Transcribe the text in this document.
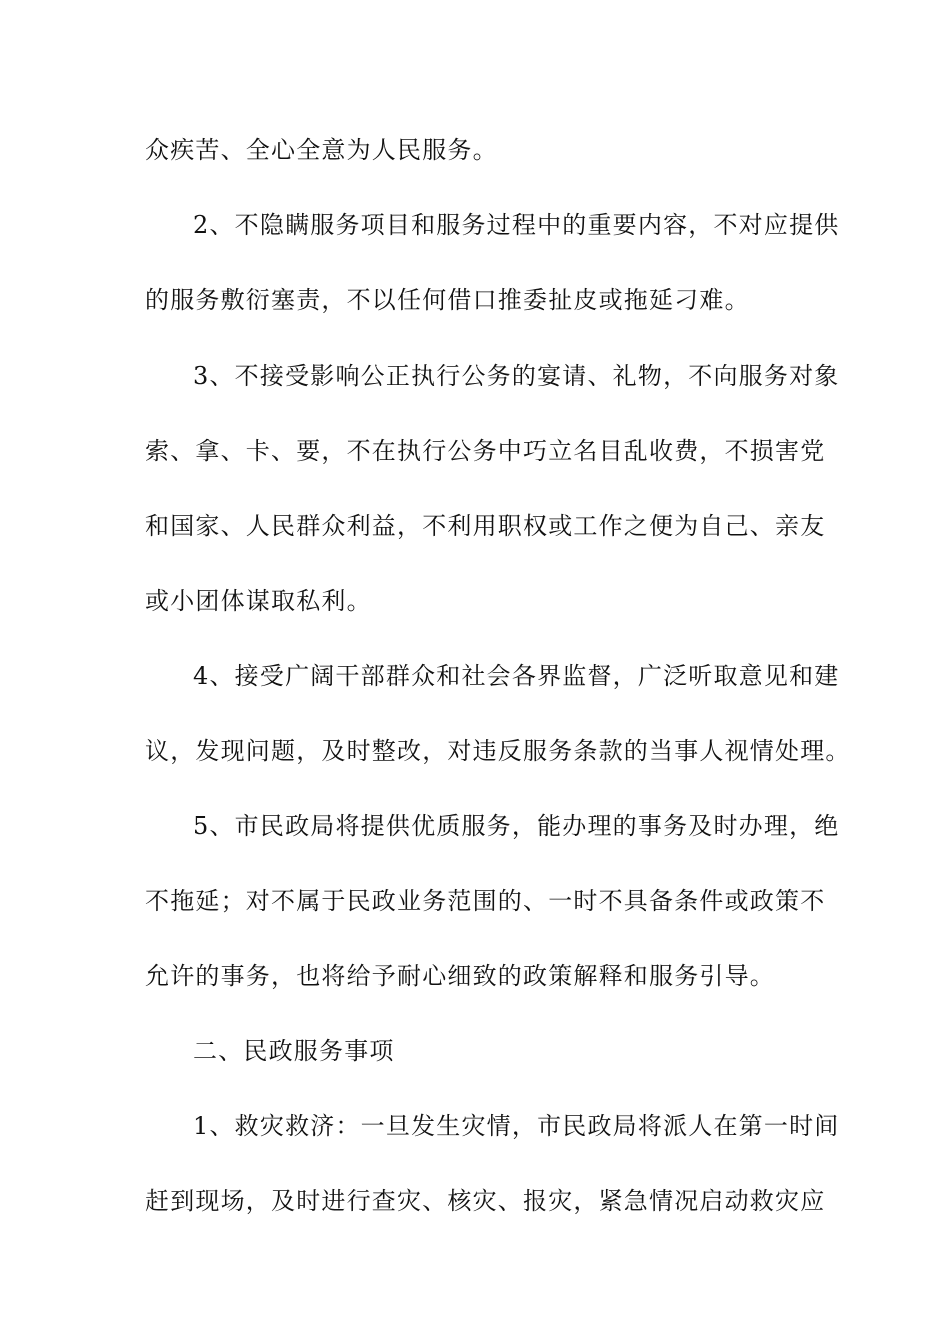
众疾苦、全心全意为人民服务。
2、不隐瞒服务项目和服务过程中的重要内容，不对应提供
的服务敷衍塞责，不以任何借口推委扯皮或拖延刁难。
3、不接受影响公正执行公务的宴请、礼物，不向服务对象
索、拿、卡、要，不在执行公务中巧立名目乱收费，不损害党
和国家、人民群众利益，不利用职权或工作之便为自己、亲友
或小团体谋取私利。
4、接受广阔干部群众和社会各界监督，广泛听取意见和建
议，发现问题，及时整改，对违反服务条款的当事人视情处理。
5、市民政局将提供优质服务，能办理的事务及时办理，绝
不拖延；对不属于民政业务范围的、一时不具备条件或政策不
允许的事务，也将给予耐心细致的政策解释和服务引导。
二、民政服务事项
1、救灾救济：一旦发生灾情，市民政局将派人在第一时间
赶到现场，及时进行查灾、核灾、报灾，紧急情况启动救灾应
